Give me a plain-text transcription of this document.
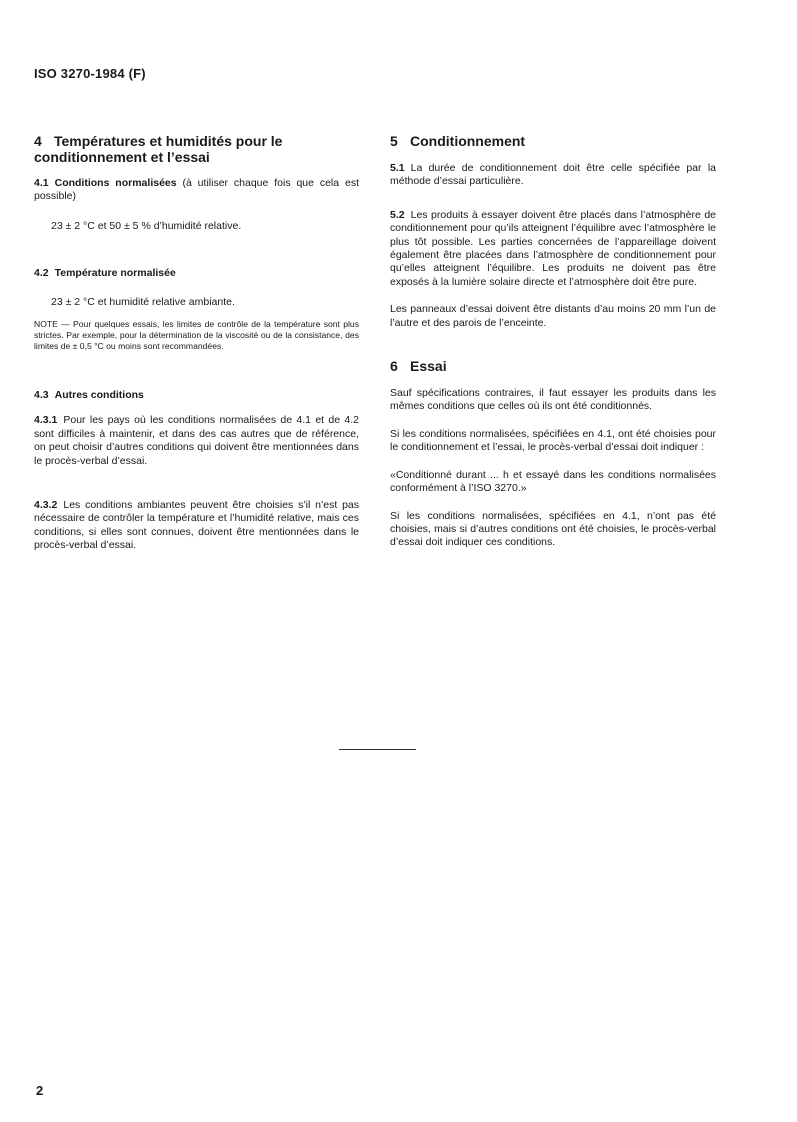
ISO 3270-1984 (F)
4 Températures et humidités pour le
conditionnement et l’essai

4.1 Conditions normalisées (à utiliser chaque fois que cela est possible)

23 ± 2 °C et 50 ± 5 % d’humidité relative.

4.2 Température normalisée

23 ± 2 °C et humidité relative ambiante.

NOTE — Pour quelques essais, les limites de contrôle de la température sont plus strictes. Par exemple, pour la détermination de la viscosité ou de la consistance, des limites de ± 0,5 °C ou moins sont recommandées.

4.3 Autres conditions

4.3.1 Pour les pays où les conditions normalisées de 4.1 et de 4.2 sont difficiles à maintenir, et dans des cas autres que de référence, on peut choisir d’autres conditions qui doivent être mentionnées dans le procès-verbal d’essai.

4.3.2 Les conditions ambiantes peuvent être choisies s’il n’est pas nécessaire de contrôler la température et l’humidité relative, mais ces conditions, si elles sont connues, doivent être mentionnées dans le procès-verbal d’essai.

5 Conditionnement

5.1 La durée de conditionnement doit être celle spécifiée par la méthode d’essai particulière.

5.2 Les produits à essayer doivent être placés dans l’atmosphère de conditionnement pour qu’ils atteignent l’équilibre avec l’atmosphère le plus tôt possible. Les parties concernées de l’appareillage doivent également être placées dans l’atmosphère de conditionnement pour qu’elles atteignent l’équilibre. Les produits ne doivent pas être exposés à la lumière solaire directe et l’atmosphère doit être pure.

Les panneaux d’essai doivent être distants d’au moins 20 mm l’un de l’autre et des parois de l’enceinte.

6 Essai

Sauf spécifications contraires, il faut essayer les produits dans les mêmes conditions que celles où ils ont été conditionnés.

Si les conditions normalisées, spécifiées en 4.1, ont été choisies pour le conditionnement et l’essai, le procès-verbal d’essai doit indiquer :

«Conditionné durant ... h et essayé dans les conditions normalisées conformément à l’ISO 3270.»

Si les conditions normalisées, spécifiées en 4.1, n’ont pas été choisies, mais si d’autres conditions ont été choisies, le procès-verbal d’essai doit indiquer ces conditions.

2
